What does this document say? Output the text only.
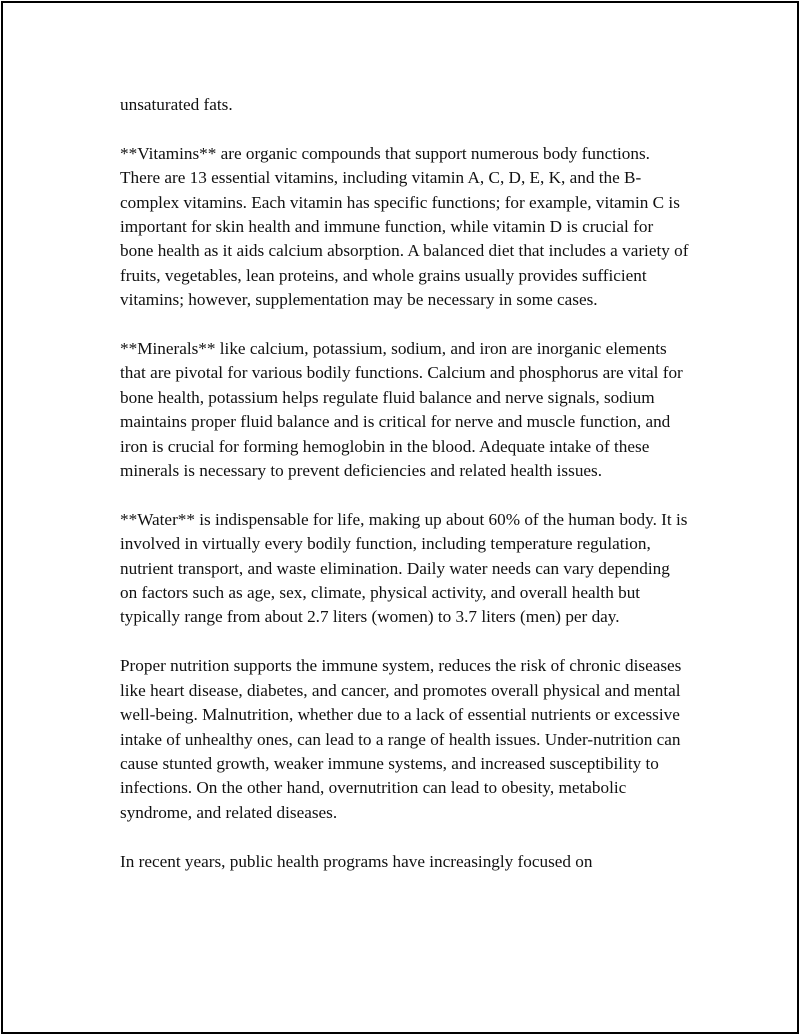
unsaturated fats.

**Vitamins** are organic compounds that support numerous body functions. There are 13 essential vitamins, including vitamin A, C, D, E, K, and the B-complex vitamins. Each vitamin has specific functions; for example, vitamin C is important for skin health and immune function, while vitamin D is crucial for bone health as it aids calcium absorption. A balanced diet that includes a variety of fruits, vegetables, lean proteins, and whole grains usually provides sufficient vitamins; however, supplementation may be necessary in some cases.

**Minerals** like calcium, potassium, sodium, and iron are inorganic elements that are pivotal for various bodily functions. Calcium and phosphorus are vital for bone health, potassium helps regulate fluid balance and nerve signals, sodium maintains proper fluid balance and is critical for nerve and muscle function, and iron is crucial for forming hemoglobin in the blood. Adequate intake of these minerals is necessary to prevent deficiencies and related health issues.

**Water** is indispensable for life, making up about 60% of the human body. It is involved in virtually every bodily function, including temperature regulation, nutrient transport, and waste elimination. Daily water needs can vary depending on factors such as age, sex, climate, physical activity, and overall health but typically range from about 2.7 liters (women) to 3.7 liters (men) per day.

Proper nutrition supports the immune system, reduces the risk of chronic diseases like heart disease, diabetes, and cancer, and promotes overall physical and mental well-being. Malnutrition, whether due to a lack of essential nutrients or excessive intake of unhealthy ones, can lead to a range of health issues. Under-nutrition can cause stunted growth, weaker immune systems, and increased susceptibility to infections. On the other hand, overnutrition can lead to obesity, metabolic syndrome, and related diseases.

In recent years, public health programs have increasingly focused on
